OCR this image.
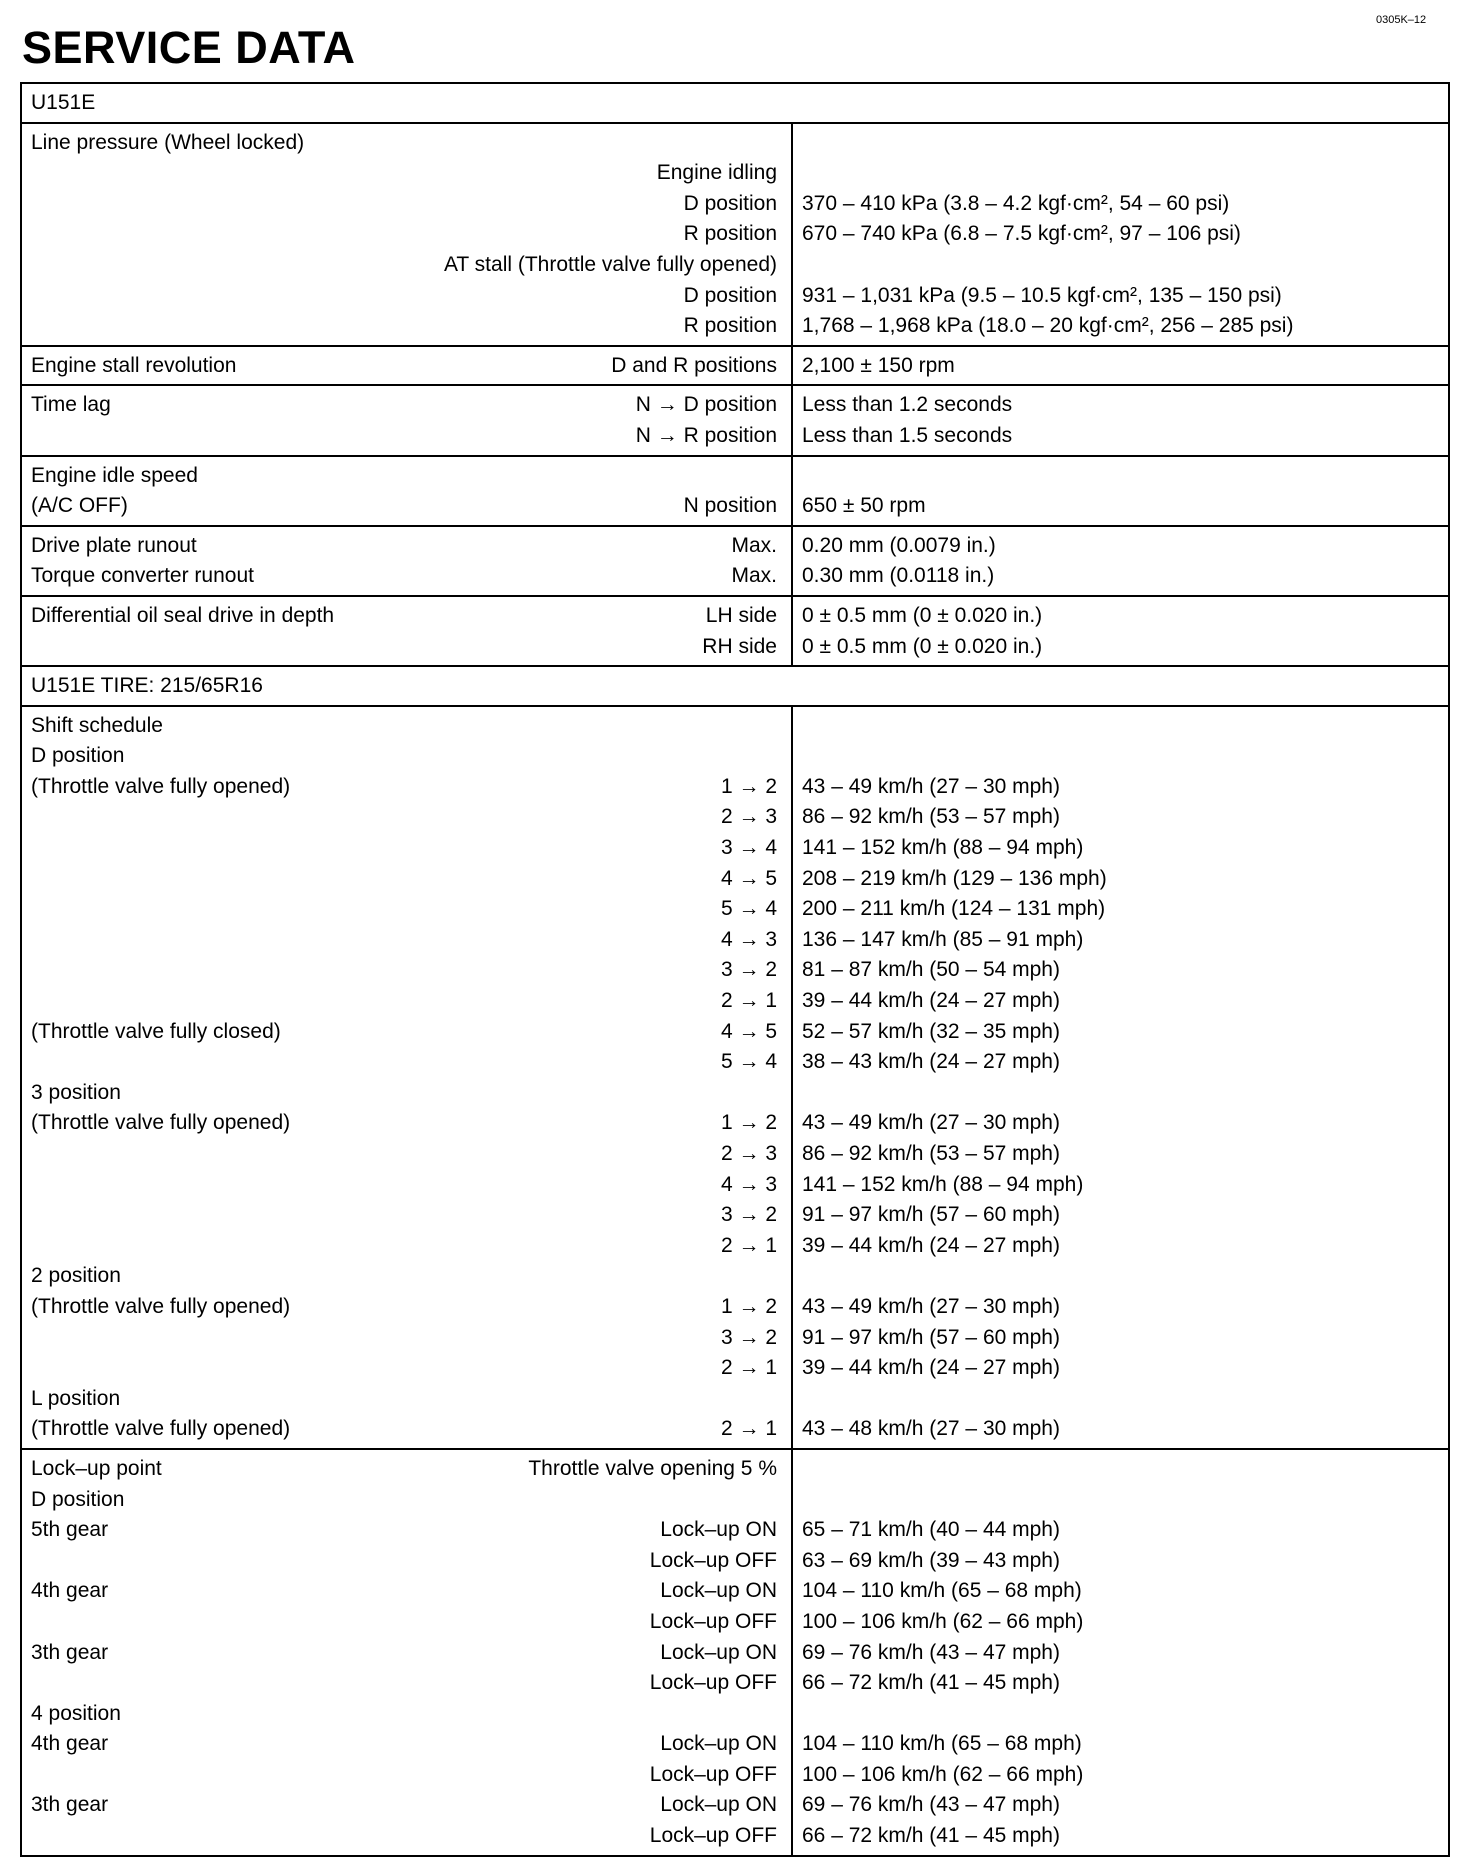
0305K–12
SERVICE DATA
U151E
Line pressure (Wheel locked)
Engine idling
D position	370 – 410 kPa (3.8 – 4.2 kgf·cm², 54 – 60 psi)
R position	670 – 740 kPa (6.8 – 7.5 kgf·cm², 97 – 106 psi)
AT stall (Throttle valve fully opened)
D position	931 – 1,031 kPa (9.5 – 10.5 kgf·cm², 135 – 150 psi)
R position	1,768 – 1,968 kPa (18.0 – 20 kgf·cm², 256 – 285 psi)
Engine stall revolution	D and R positions	2,100 ± 150 rpm
Time lag	N → D position	Less than 1.2 seconds
N → R position	Less than 1.5 seconds
Engine idle speed
(A/C OFF)	N position	650 ± 50 rpm
Drive plate runout	Max.	0.20 mm (0.0079 in.)
Torque converter runout	Max.	0.30 mm (0.0118 in.)
Differential oil seal drive in depth	LH side	0 ± 0.5 mm (0 ± 0.020 in.)
RH side	0 ± 0.5 mm (0 ± 0.020 in.)
U151E TIRE: 215/65R16
Shift schedule
D position
(Throttle valve fully opened)	1 → 2	43 – 49 km/h (27 – 30 mph)
2 → 3	86 – 92 km/h (53 – 57 mph)
3 → 4	141 – 152 km/h (88 – 94 mph)
4 → 5	208 – 219 km/h (129 – 136 mph)
5 → 4	200 – 211 km/h (124 – 131 mph)
4 → 3	136 – 147 km/h (85 – 91 mph)
3 → 2	81 – 87 km/h (50 – 54 mph)
2 → 1	39 – 44 km/h (24 – 27 mph)
(Throttle valve fully closed)	4 → 5	52 – 57 km/h (32 – 35 mph)
5 → 4	38 – 43 km/h (24 – 27 mph)
3 position
(Throttle valve fully opened)	1 → 2	43 – 49 km/h (27 – 30 mph)
2 → 3	86 – 92 km/h (53 – 57 mph)
4 → 3	141 – 152 km/h (88 – 94 mph)
3 → 2	91 – 97 km/h (57 – 60 mph)
2 → 1	39 – 44 km/h (24 – 27 mph)
2 position
(Throttle valve fully opened)	1 → 2	43 – 49 km/h (27 – 30 mph)
3 → 2	91 – 97 km/h (57 – 60 mph)
2 → 1	39 – 44 km/h (24 – 27 mph)
L position
(Throttle valve fully opened)	2 → 1	43 – 48 km/h (27 – 30 mph)
Lock–up point	Throttle valve opening 5 %
D position
5th gear	Lock–up ON	65 – 71 km/h (40 – 44 mph)
Lock–up OFF	63 – 69 km/h (39 – 43 mph)
4th gear	Lock–up ON	104 – 110 km/h (65 – 68 mph)
Lock–up OFF	100 – 106 km/h (62 – 66 mph)
3th gear	Lock–up ON	69 – 76 km/h (43 – 47 mph)
Lock–up OFF	66 – 72 km/h (41 – 45 mph)
4 position
4th gear	Lock–up ON	104 – 110 km/h (65 – 68 mph)
Lock–up OFF	100 – 106 km/h (62 – 66 mph)
3th gear	Lock–up ON	69 – 76 km/h (43 – 47 mph)
Lock–up OFF	66 – 72 km/h (41 – 45 mph)
